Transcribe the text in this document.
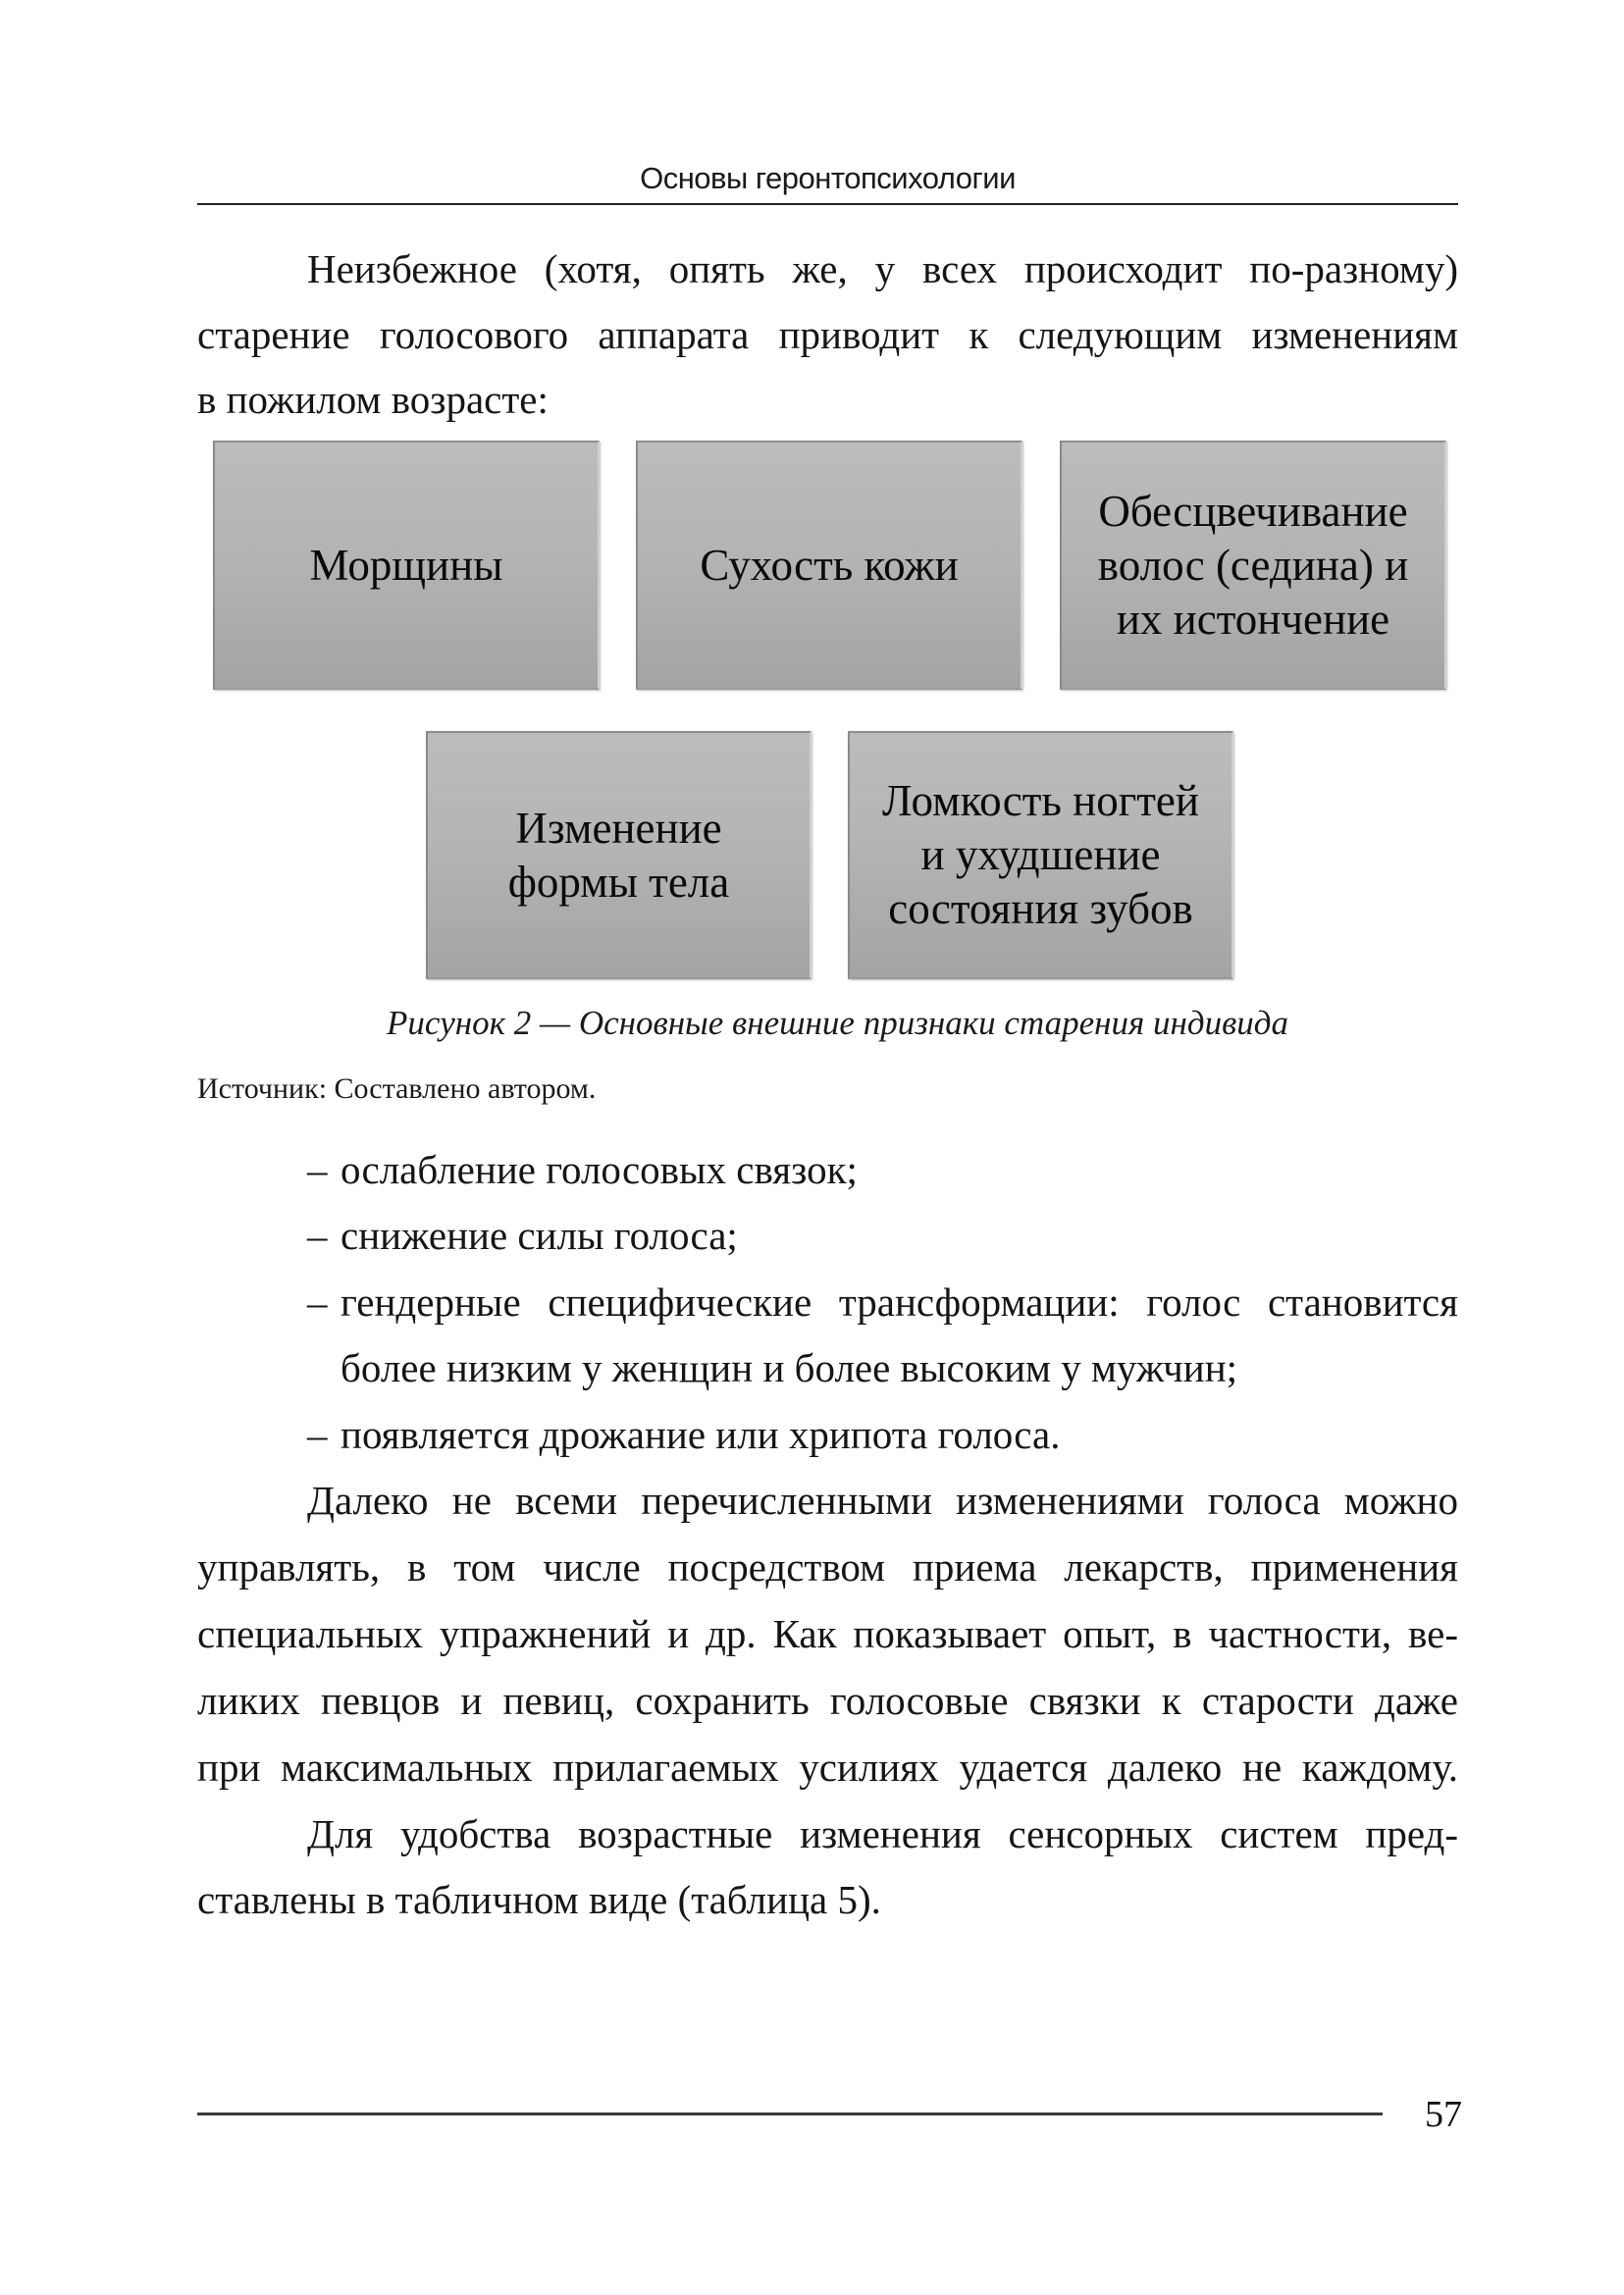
Основы геронтопсихологии
Неизбежное (хотя, опять же, у всех происходит по-разному)
старение голосового аппарата приводит к следующим изменениям
в пожилом возрасте:
Морщины	Сухость кожи
Обесцвечивание
волос (седина) и
их истончение
Изменение
формы тела
Ломкость ногтей
и ухудшение
состояния зубов
Рисунок 2 — Основные внешние признаки старения индивида
Источник: Составлено автором.
– ослабление голосовых связок;
– снижение силы голоса;
– гендерные специфические трансформации: голос становится
более низким у женщин и более высоким у мужчин;
– появляется дрожание или хрипота голоса.
Далеко не всеми перечисленными изменениями голоса можно
управлять, в том числе посредством приема лекарств, применения
специальных упражнений и др. Как показывает опыт, в частности, ве-
ликих певцов и певиц, сохранить голосовые связки к старости даже
при максимальных прилагаемых усилиях удается далеко не каждому.
Для удобства возрастные изменения сенсорных систем пред-
ставлены в табличном виде (таблица 5).
57
